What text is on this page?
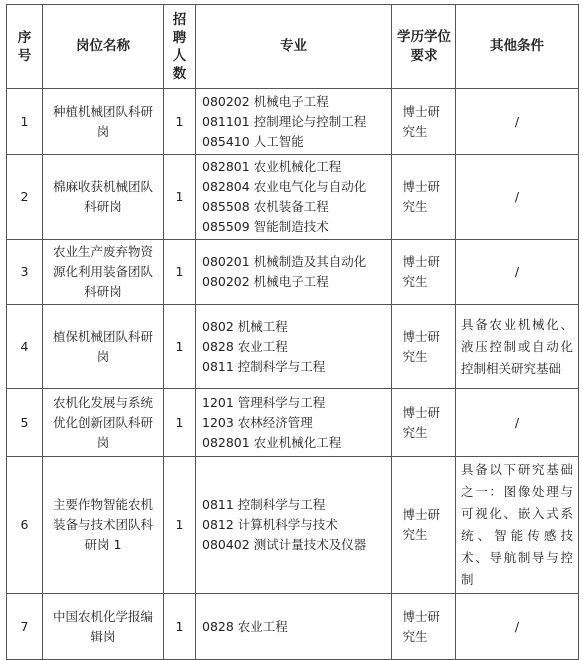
序号	岗位名称	招聘人数	专业	学历学位要求	其他条件
1	种植机械团队科研岗	1	080202 机械电子工程
081101 控制理论与控制工程
085410 人工智能	博士研究生	/
2	棉麻收获机械团队科研岗	1	082801 农业机械化工程
082804 农业电气化与自动化
085508 农机装备工程
085509 智能制造技术	博士研究生	/
3	农业生产废弃物资源化利用装备团队科研岗	1	080201 机械制造及其自动化
080202 机械电子工程	博士研究生	/
4	植保机械团队科研岗	1	0802 机械工程
0828 农业工程
0811 控制科学与工程	博士研究生	具备农业机械化、液压控制或自动化控制相关研究基础
5	农机化发展与系统优化创新团队科研岗	1	1201 管理科学与工程
1203 农林经济管理
082801 农业机械化工程	博士研究生	/
6	主要作物智能农机装备与技术团队科研岗 1	1	0811 控制科学与工程
0812 计算机科学与技术
080402 测试计量技术及仪器	博士研究生	具备以下研究基础之一：图像处理与可视化、嵌入式系统、智能传感技术、导航制导与控制
7	中国农机化学报编辑岗	1	0828 农业工程	博士研究生	/
